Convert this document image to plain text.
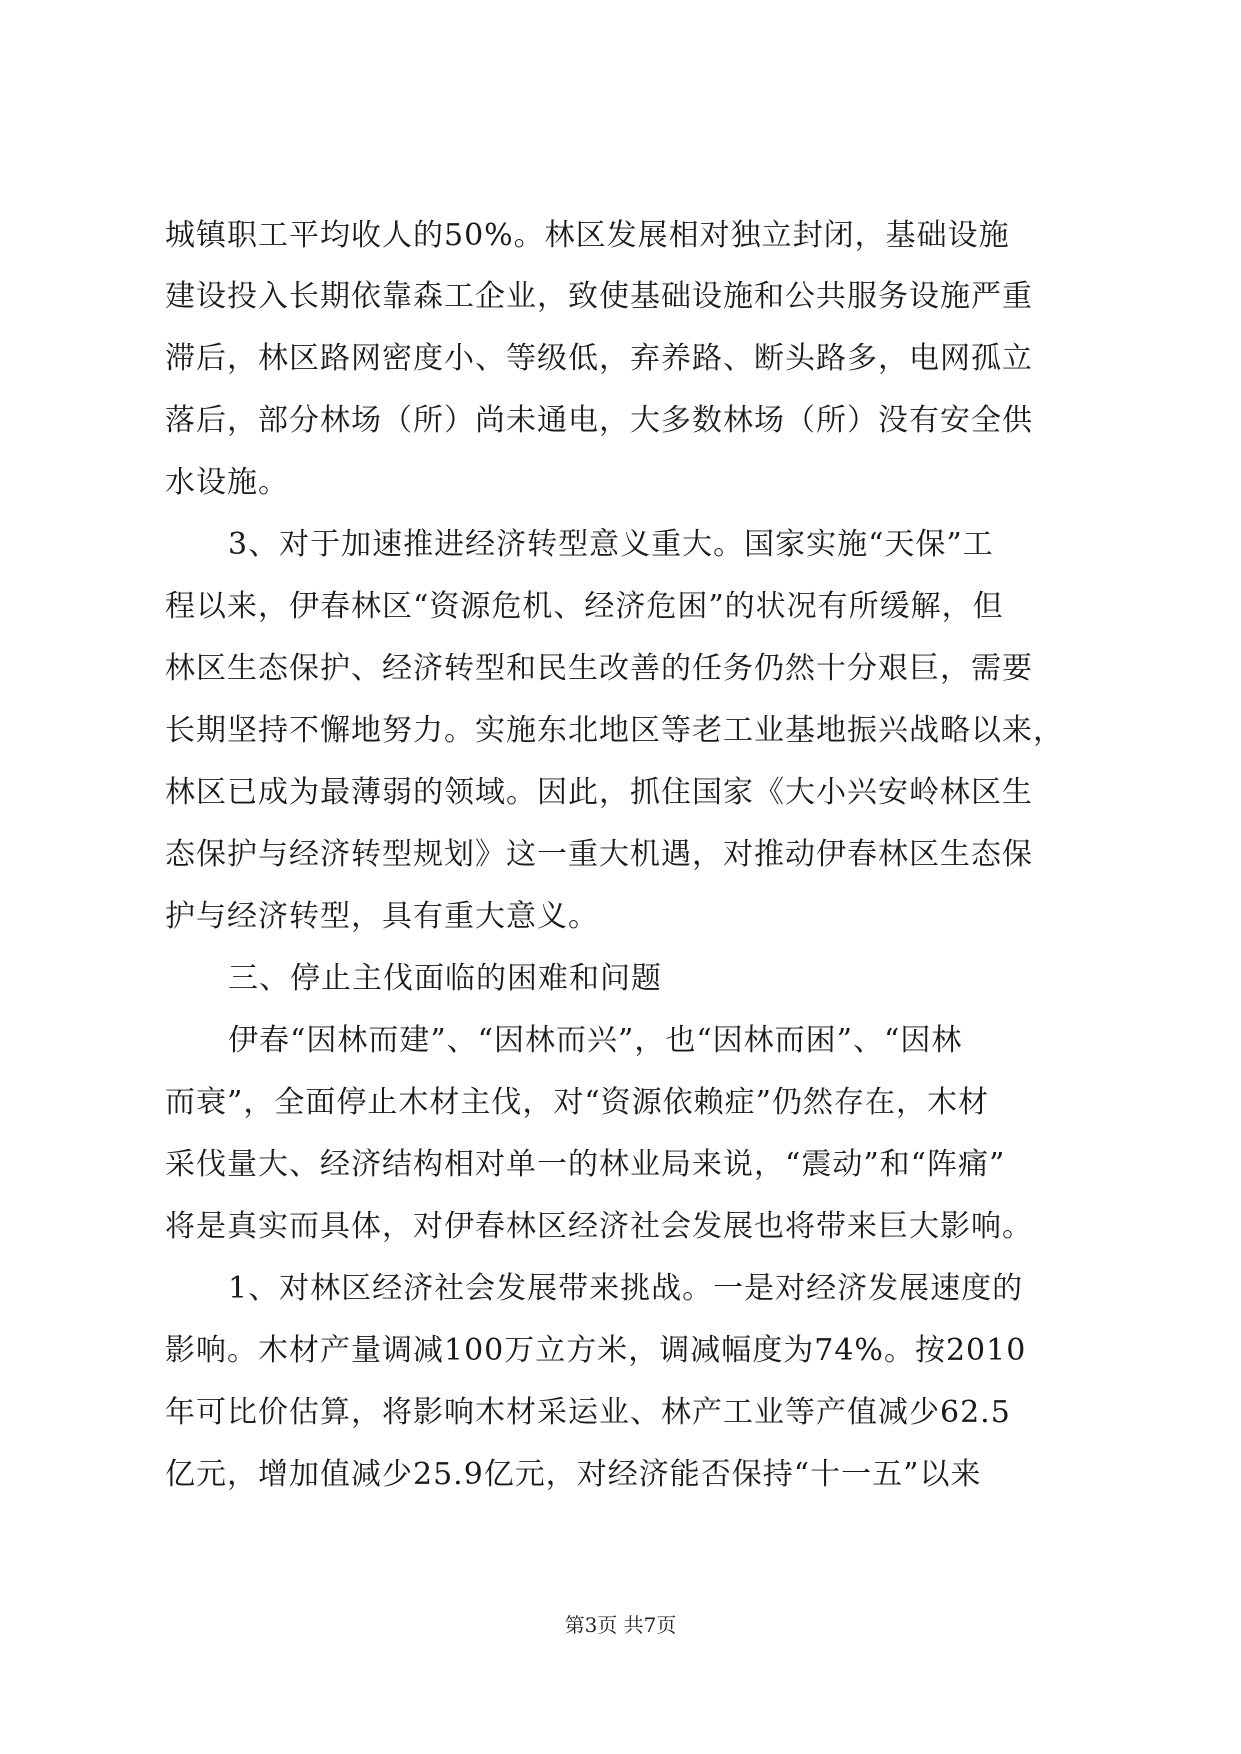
城镇职工平均收人的50%。林区发展相对独立封闭，基础设施
建设投入长期依靠森工企业，致使基础设施和公共服务设施严重
滞后，林区路网密度小、等级低，弃养路、断头路多，电网孤立
落后，部分林场（所）尚未通电，大多数林场（所）没有安全供
水设施。
3、对于加速推进经济转型意义重大。国家实施“天保”工
程以来，伊春林区“资源危机、经济危困”的状况有所缓解，但
林区生态保护、经济转型和民生改善的任务仍然十分艰巨，需要
长期坚持不懈地努力。实施东北地区等老工业基地振兴战略以来，
林区已成为最薄弱的领域。因此，抓住国家《大小兴安岭林区生
态保护与经济转型规划》这一重大机遇，对推动伊春林区生态保
护与经济转型，具有重大意义。
三、停止主伐面临的困难和问题
伊春“因林而建”、“因林而兴”，也“因林而困”、“因林
而衰”，全面停止木材主伐，对“资源依赖症”仍然存在，木材
采伐量大、经济结构相对单一的林业局来说，“震动”和“阵痛”
将是真实而具体，对伊春林区经济社会发展也将带来巨大影响。
1、对林区经济社会发展带来挑战。一是对经济发展速度的
影响。木材产量调减100万立方米，调减幅度为74%。按2010
年可比价估算，将影响木材采运业、林产工业等产值减少62.5
亿元，增加值减少25.9亿元，对经济能否保持“十一五”以来
第3页 共7页
